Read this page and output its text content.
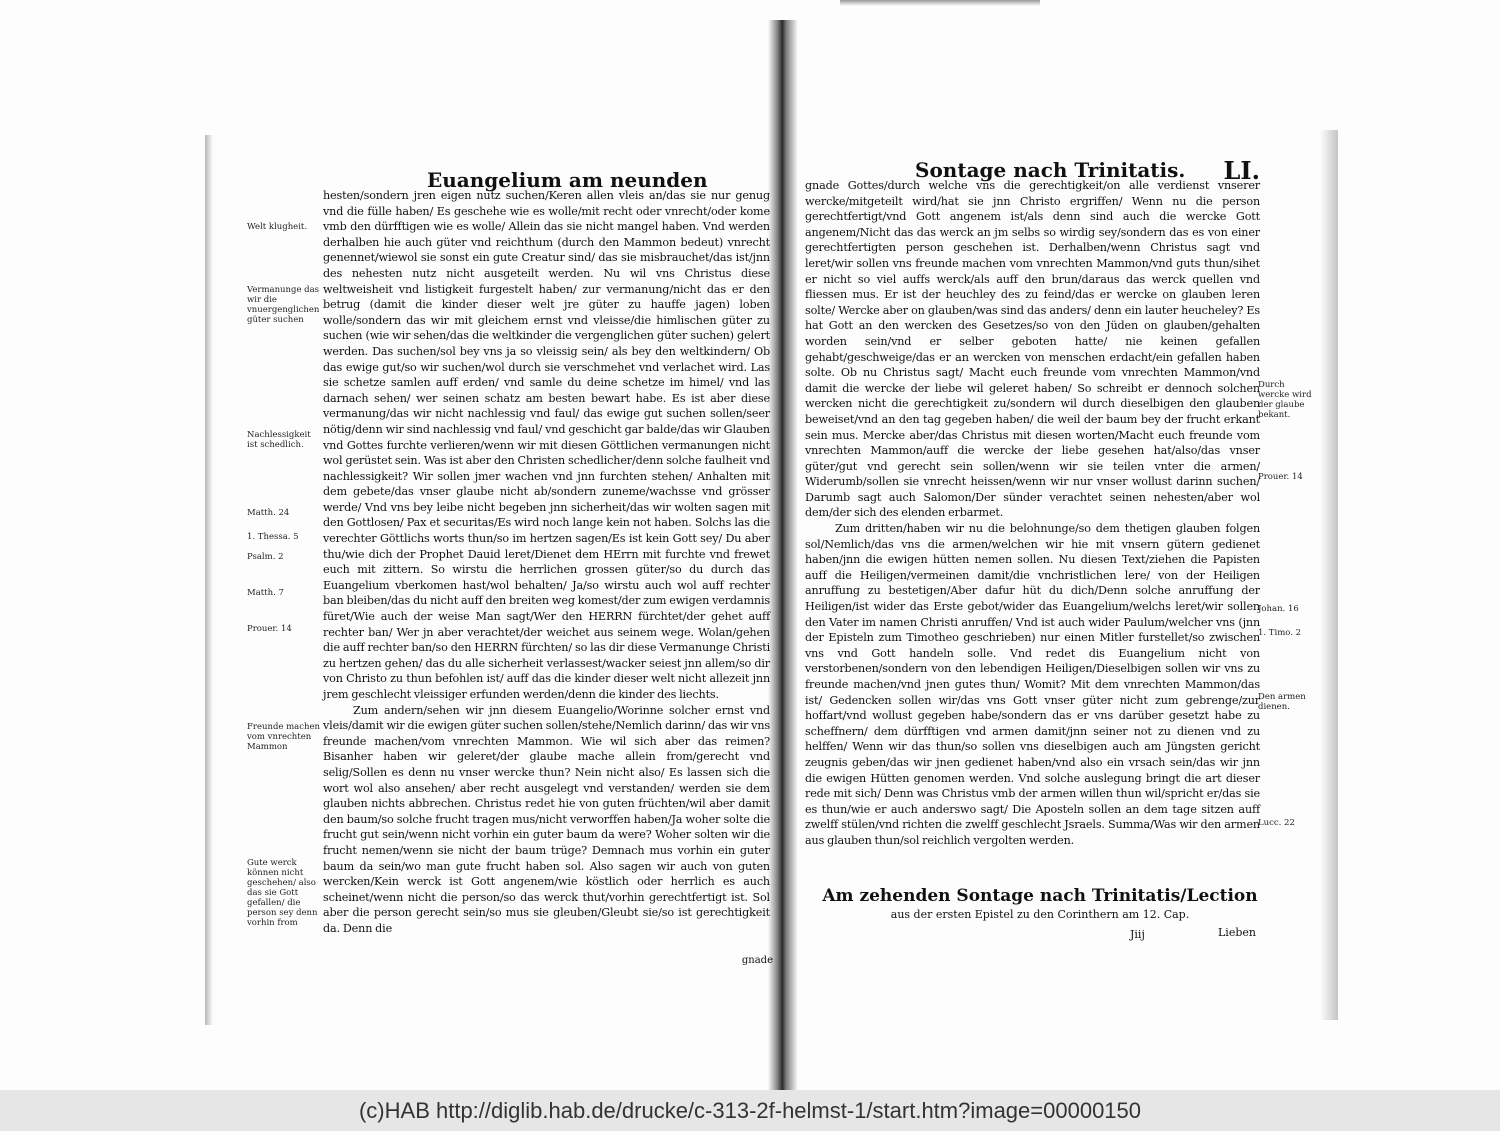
Euangelium am neunden
Welt klugheit.
Vermanunge das wir die vnuergenglichen güter suchen
Nachlessigkeit ist schedlich.
Matth. 24
1. Thessa. 5
Psalm. 2
Matth. 7
Prouer. 14
Freunde machen vom vnrechten Mammon
Gute werck können nicht geschehen/ also das sie Gott gefallen/ die person sey denn vorhin from

hesten/sondern jren eigen nutz suchen/Keren allen vleis an/das sie nur genug vnd die fülle haben/ Es geschehe wie es wolle/mit recht oder vnrecht/oder kome vmb den dürfftigen wie es wolle/ Allein das sie nicht mangel haben. Vnd werden derhalben hie auch güter vnd reichthum (durch den Mammon bedeut) vnrecht genennet/wiewol sie sonst ein gute Creatur sind/ das sie misbrauchet/das ist/jnn des nehesten nutz nicht ausgeteilt werden. Nu wil vns Christus diese weltweisheit vnd listigkeit furgestelt haben/ zur vermanung/nicht das er den betrug (damit die kinder dieser welt jre güter zu hauffe jagen) loben wolle/sondern das wir mit gleichem ernst vnd vleisse/die himlischen güter zu suchen (wie wir sehen/das die weltkinder die vergenglichen güter suchen) gelert werden. Das suchen/sol bey vns ja so vleissig sein/ als bey den weltkindern/ Ob das ewige gut/so wir suchen/wol durch sie verschmehet vnd verlachet wird. Las sie schetze samlen auff erden/ vnd samle du deine schetze im himel/ vnd las darnach sehen/ wer seinen schatz am besten bewart habe. Es ist aber diese vermanung/das wir nicht nachlessig vnd faul/ das ewige gut suchen sollen/seer nötig/denn wir sind nachlessig vnd faul/ vnd geschicht gar balde/das wir Glauben vnd Gottes furchte verlieren/wenn wir mit diesen Göttlichen vermanungen nicht wol gerüstet sein. Was ist aber den Christen schedlicher/denn solche faulheit vnd nachlessigkeit? Wir sollen jmer wachen vnd jnn furchten stehen/ Anhalten mit dem gebete/das vnser glaube nicht ab/sondern zuneme/wachsse vnd grösser werde/ Vnd vns bey leibe nicht begeben jnn sicherheit/das wir wolten sagen mit den Gottlosen/ Pax et securitas/Es wird noch lange kein not haben. Solchs las die verechter Göttlichs worts thun/so im hertzen sagen/Es ist kein Gott sey/ Du aber thu/wie dich der Prophet Dauid leret/Dienet dem HErrn mit furchte vnd frewet euch mit zittern. So wirstu die herrlichen grossen güter/so du durch das Euangelium vberkomen hast/wol behalten/ Ja/so wirstu auch wol auff rechter ban bleiben/das du nicht auff den breiten weg komest/der zum ewigen verdamnis füret/Wie auch der weise Man sagt/Wer den HERRN fürchtet/der gehet auff rechter ban/ Wer jn aber verachtet/der weichet aus seinem wege. Wolan/gehen die auff rechter ban/so den HERRN fürchten/ so las dir diese Vermanunge Christi zu hertzen gehen/ das du alle sicherheit verlassest/wacker seiest jnn allem/so dir von Christo zu thun befohlen ist/ auff das die kinder dieser welt nicht allezeit jnn jrem geschlecht vleissiger erfunden werden/denn die kinder des liechts.

Zum andern/sehen wir jnn diesem Euangelio/Worinne solcher ernst vnd vleis/damit wir die ewigen güter suchen sollen/stehe/Nemlich darinn/ das wir vns freunde machen/vom vnrechten Mammon. Wie wil sich aber das reimen? Bisanher haben wir geleret/der glaube mache allein from/gerecht vnd selig/Sollen es denn nu vnser wercke thun? Nein nicht also/ Es lassen sich die wort wol also ansehen/ aber recht ausgelegt vnd verstanden/ werden sie dem glauben nichts abbrechen. Christus redet hie von guten früchten/wil aber damit den baum/so solche frucht tragen mus/nicht verworffen haben/Ja woher solte die frucht gut sein/wenn nicht vorhin ein guter baum da were? Woher solten wir die frucht nemen/wenn sie nicht der baum trüge? Demnach mus vorhin ein guter baum da sein/wo man gute frucht haben sol. Also sagen wir auch von guten wercken/Kein werck ist Gott angenem/wie köstlich oder herrlich es auch scheinet/wenn nicht die person/so das werck thut/vorhin gerechtfertigt ist. Sol aber die person gerecht sein/so mus sie gleuben/Gleubt sie/so ist gerechtigkeit da. Denn die

gnade
Sontage nach Trinitatis. LI.
Durch wercke wird der glaube bekant.
Prouer. 14
Johan. 16
1. Timo. 2
Den armen dienen.
Lucc. 22

gnade Gottes/durch welche vns die gerechtigkeit/on alle verdienst vnserer wercke/mitgeteilt wird/hat sie jnn Christo ergriffen/ Wenn nu die person gerechtfertigt/vnd Gott angenem ist/als denn sind auch die wercke Gott angenem/Nicht das das werck an jm selbs so wirdig sey/sondern das es von einer gerechtfertigten person geschehen ist. Derhalben/wenn Christus sagt vnd leret/wir sollen vns freunde machen vom vnrechten Mammon/vnd guts thun/sihet er nicht so viel auffs werck/als auff den brun/daraus das werck quellen vnd fliessen mus. Er ist der heuchley des zu feind/das er wercke on glauben leren solte/ Wercke aber on glauben/was sind das anders/ denn ein lauter heucheley? Es hat Gott an den wercken des Gesetzes/so von den Jüden on glauben/gehalten worden sein/vnd er selber geboten hatte/ nie keinen gefallen gehabt/geschweige/das er an wercken von menschen erdacht/ein gefallen haben solte. Ob nu Christus sagt/ Macht euch freunde vom vnrechten Mammon/vnd damit die wercke der liebe wil geleret haben/ So schreibt er dennoch solchen wercken nicht die gerechtigkeit zu/sondern wil durch dieselbigen den glauben beweiset/vnd an den tag gegeben haben/ die weil der baum bey der frucht erkant sein mus. Mercke aber/das Christus mit diesen worten/Macht euch freunde vom vnrechten Mammon/auff die wercke der liebe gesehen hat/also/das vnser güter/gut vnd gerecht sein sollen/wenn wir sie teilen vnter die armen/ Widerumb/sollen sie vnrecht heissen/wenn wir nur vnser wollust darinn suchen/ Darumb sagt auch Salomon/Der sünder verachtet seinen nehesten/aber wol dem/der sich des elenden erbarmet.

Zum dritten/haben wir nu die belohnunge/so dem thetigen glauben folgen sol/Nemlich/das vns die armen/welchen wir hie mit vnsern gütern gedienet haben/jnn die ewigen hütten nemen sollen. Nu diesen Text/ziehen die Papisten auff die Heiligen/vermeinen damit/die vnchristlichen lere/ von der Heiligen anruffung zu bestetigen/Aber dafur hüt du dich/Denn solche anruffung der Heiligen/ist wider das Erste gebot/wider das Euangelium/welchs leret/wir sollen den Vater im namen Christi anruffen/ Vnd ist auch wider Paulum/welcher vns (jnn der Episteln zum Timotheo geschrieben) nur einen Mitler furstellet/so zwischen vns vnd Gott handeln solle. Vnd redet dis Euangelium nicht von verstorbenen/sondern von den lebendigen Heiligen/Dieselbigen sollen wir vns zu freunde machen/vnd jnen gutes thun/ Womit? Mit dem vnrechten Mammon/das ist/ Gedencken sollen wir/das vns Gott vnser güter nicht zum gebrenge/zur hoffart/vnd wollust gegeben habe/sondern das er vns darüber gesetzt habe zu scheffnern/ dem dürfftigen vnd armen damit/jnn seiner not zu dienen vnd zu helffen/ Wenn wir das thun/so sollen vns dieselbigen auch am Jüngsten gericht zeugnis geben/das wir jnen gedienet haben/vnd also ein vrsach sein/das wir jnn die ewigen Hütten genomen werden. Vnd solche auslegung bringt die art dieser rede mit sich/ Denn was Christus vmb der armen willen thun wil/spricht er/das sie es thun/wie er auch anderswo sagt/ Die Aposteln sollen an dem tage sitzen auff zwelff stülen/vnd richten die zwelff geschlecht Jsraels. Summa/Was wir den armen aus glauben thun/sol reichlich vergolten werden.

Am zehenden Sontage nach Trinitatis/Lection
aus der ersten Epistel zu den Corinthern am 12. Cap.
Jiij	Lieben
(c)HAB http://diglib.hab.de/drucke/c-313-2f-helmst-1/start.htm?image=00000150
